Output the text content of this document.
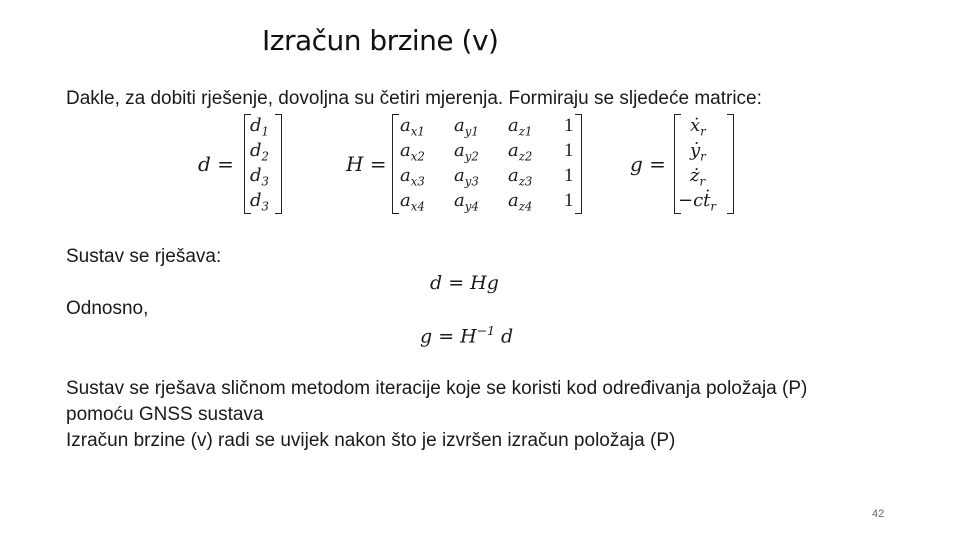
Izračun brzine (v)
Dakle, za dobiti rješenje, dovoljna su četiri mjerenja. Formiraju se sljedeće matrice:
d =
$d_1$
$d_2$
$d_3$
$d_3$
H =
$a_{x1}$ $a_{y1}$ $a_{z1}$ 1
$a_{x2}$ $a_{y2}$ $a_{z2}$ 1
$a_{x3}$ $a_{y3}$ $a_{z3}$ 1
$a_{x4}$ $a_{y4}$ $a_{z4}$ 1
g =
ẋ$_r$
ẏ$_r$
$ż_r$
−cṫ$_r$
Sustav se rješava:
d = Hg
Odnosno,
$g = H^{-1}$ d
Sustav se rješava sličnom metodom iteracije koje se koristi kod određivanja položaja (P)
pomoću GNSS sustava
Izračun brzine (v) radi se uvijek nakon što je izvršen izračun položaja (P)
42
